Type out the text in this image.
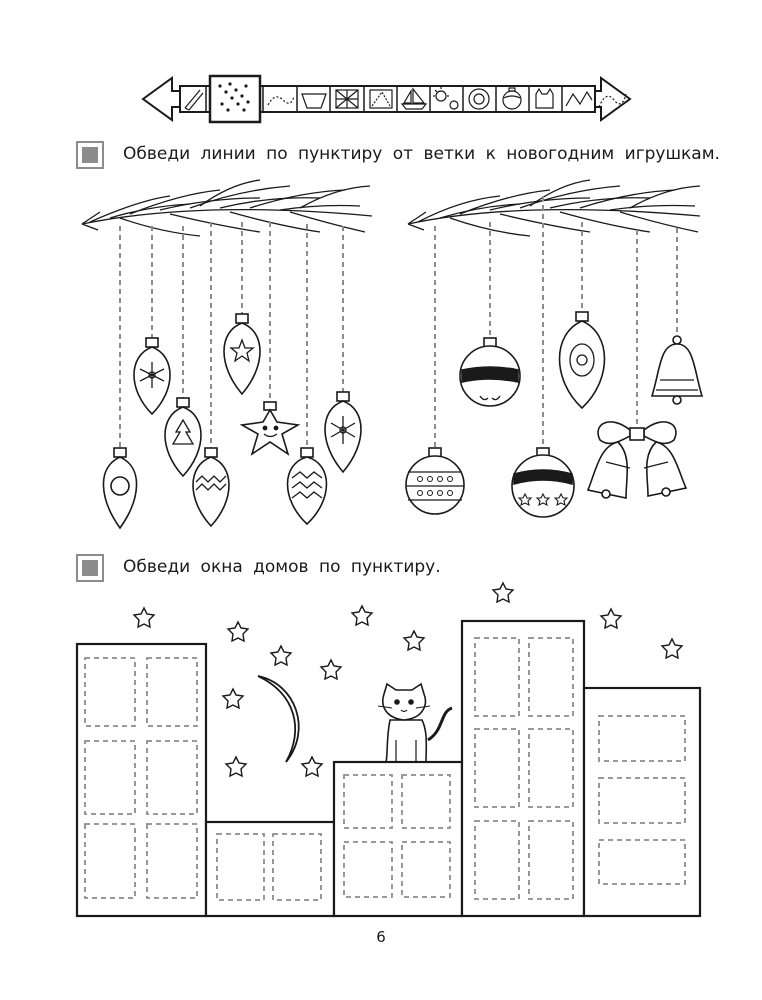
Обведи линии по пунктиру от ветки к новогодним игрушкам.
Обведи окна домов по пунктиру.
6
